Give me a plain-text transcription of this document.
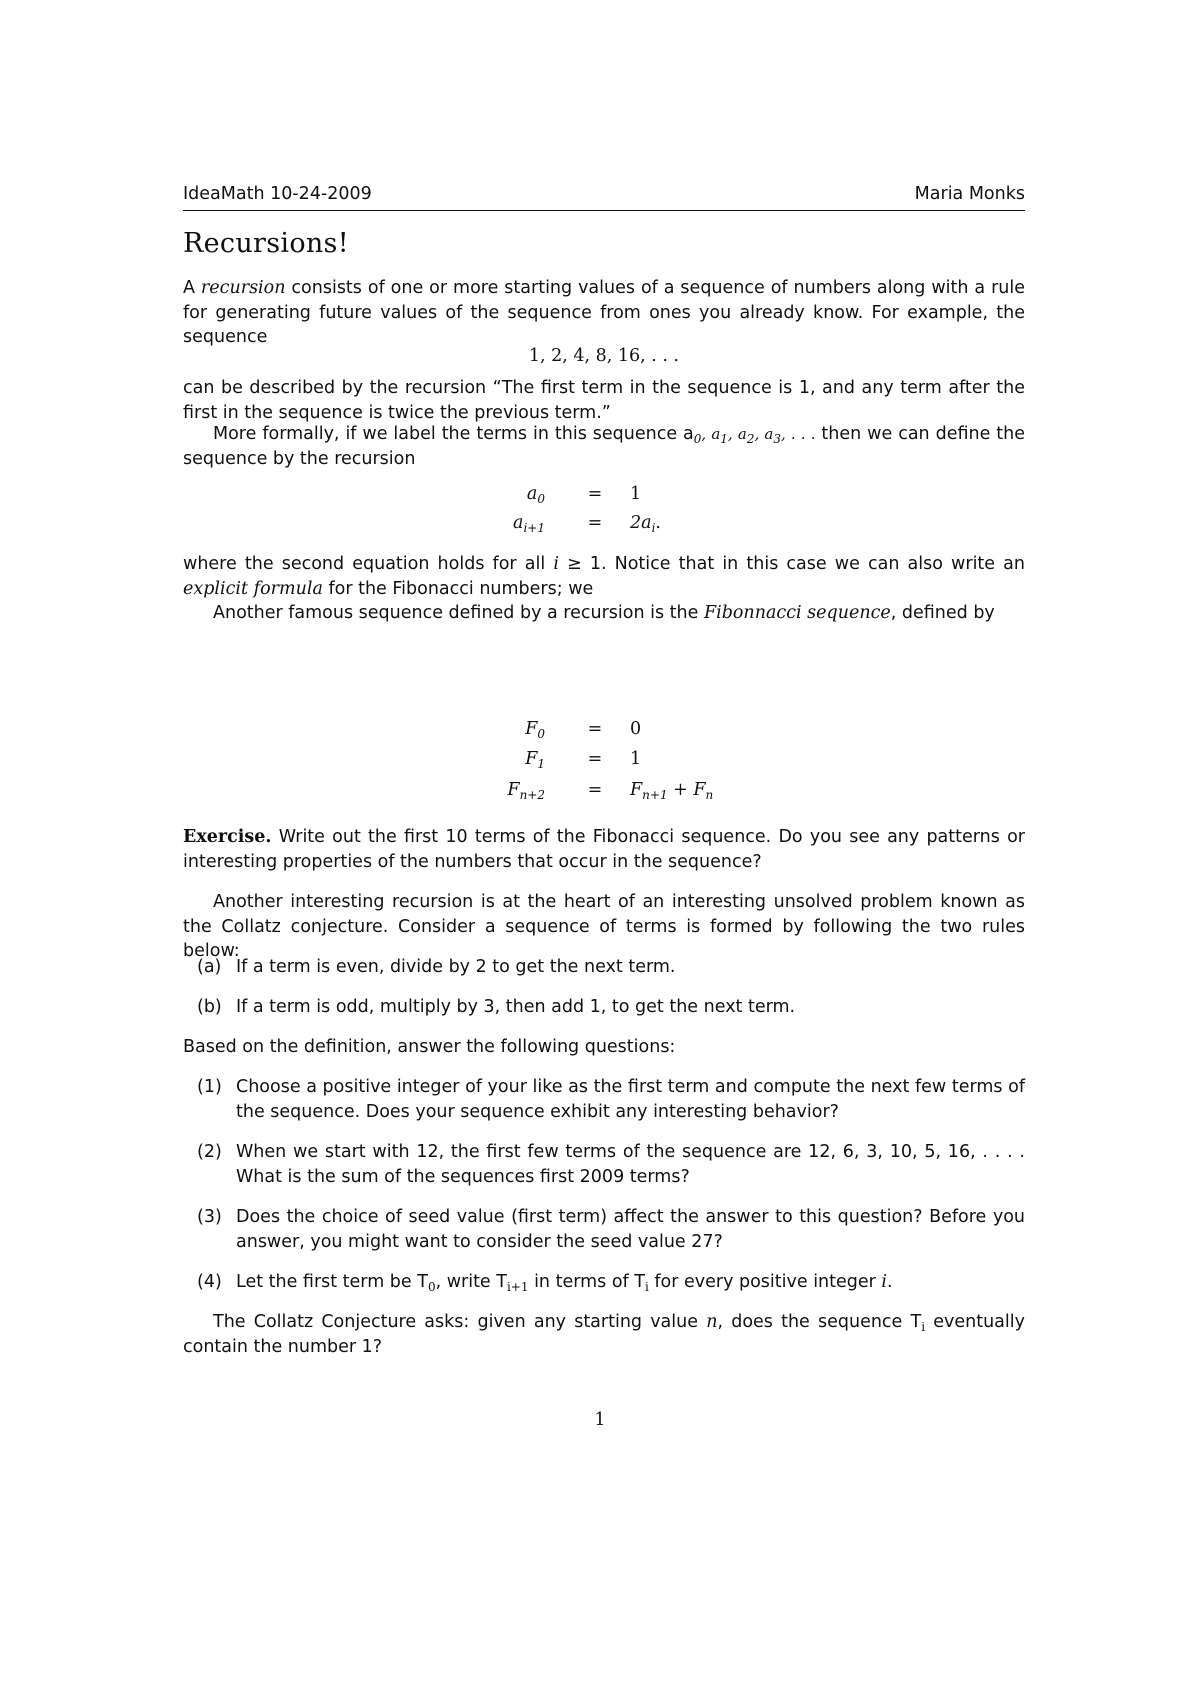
IdeaMath 10-24-2009	Maria Monks
Recursions!
A recursion consists of one or more starting values of a sequence of numbers along with a rule for generating future values of the sequence from ones you already know. For example, the sequence
1, 2, 4, 8, 16, . . .
can be described by the recursion “The first term in the sequence is 1, and any term after the first in the sequence is twice the previous term.”
More formally, if we label the terms in this sequence $a_0$, $a_1$, $a_2$, $a_3$, . . . then we can define the sequence by the recursion
$a_0$	=	1
$a_{i+1}$	=	$2a_i$.
where the second equation holds for all i ≥ 1. Notice that in this case we can also write an explicit formula for the Fibonacci numbers; we
Another famous sequence defined by a recursion is the Fibonnacci sequence, defined by
$F_0$	=	0
$F_1$	=	1
$F_{n+2}$	=	$F_{n+1} + F_n$
Exercise. Write out the first 10 terms of the Fibonacci sequence. Do you see any patterns or interesting properties of the numbers that occur in the sequence?
Another interesting recursion is at the heart of an interesting unsolved problem known as the Collatz conjecture. Consider a sequence of terms is formed by following the two rules below:
(a) If a term is even, divide by 2 to get the next term.
(b) If a term is odd, multiply by 3, then add 1, to get the next term.
Based on the definition, answer the following questions:
(1) Choose a positive integer of your like as the first term and compute the next few terms of the sequence. Does your sequence exhibit any interesting behavior?
(2) When we start with 12, the first few terms of the sequence are 12, 6, 3, 10, 5, 16, . . . . What is the sum of the sequences first 2009 terms?
(3) Does the choice of seed value (first term) affect the answer to this question? Before you answer, you might want to consider the seed value 27?
(4) Let the first term be $T_0$, write $T_{i+1}$ in terms of $T_i$ for every positive integer i.
The Collatz Conjecture asks: given any starting value n, does the sequence $T_i$ eventually contain the number 1?
1
